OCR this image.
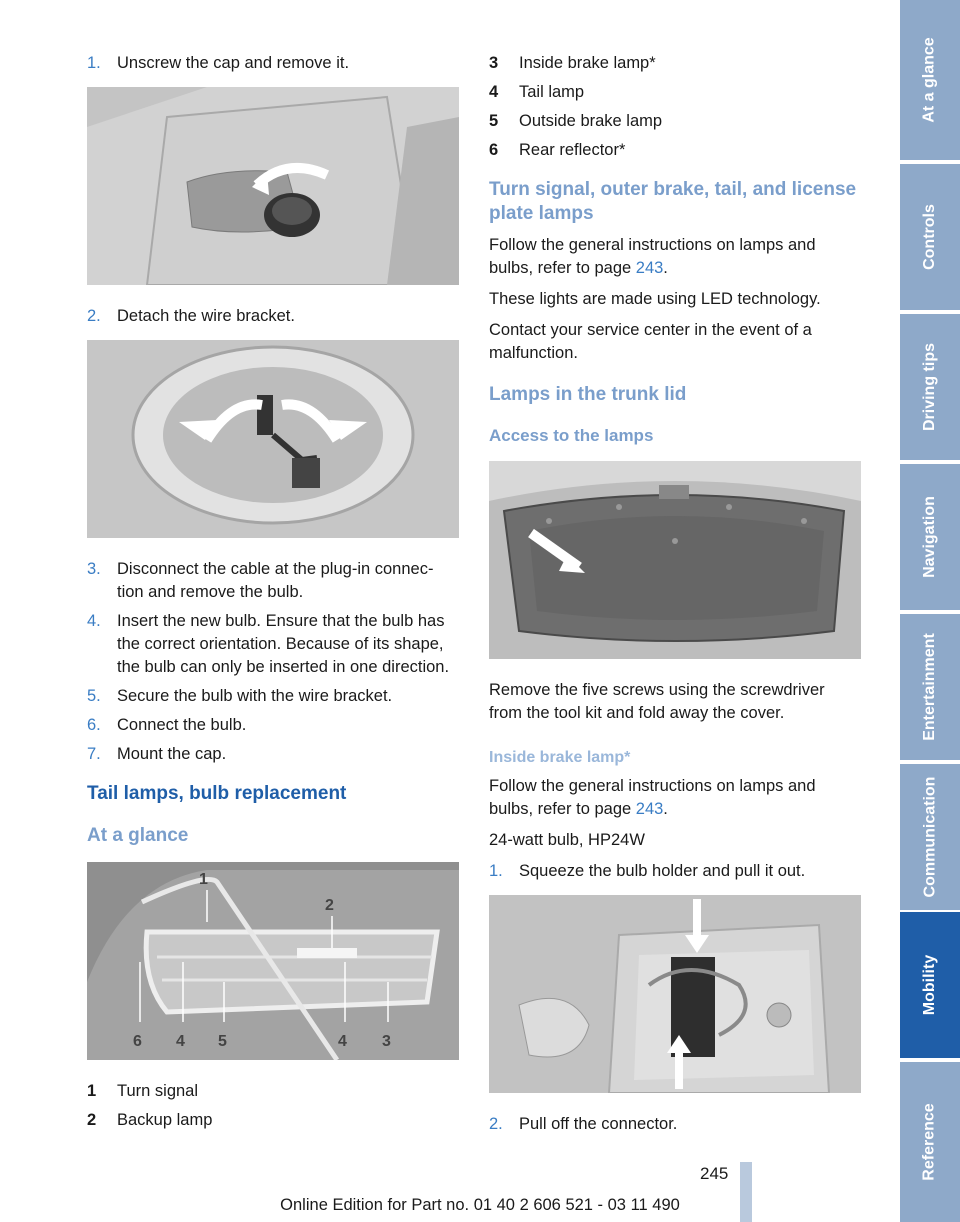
1. Unscrew the cap and remove it.
2. Detach the wire bracket.
3. Disconnect the cable at the plug-in connec‐ tion and remove the bulb.
4. Insert the new bulb. Ensure that the bulb has the correct orientation. Because of its shape, the bulb can only be inserted in one direction.
5. Secure the bulb with the wire bracket.
6. Connect the bulb.
7. Mount the cap.
Tail lamps, bulb replacement
At a glance
1
2
6 4 5	4 3
1	Turn signal
2	Backup lamp
3	Inside brake lamp*
4	Tail lamp
5	Outside brake lamp
6	Rear reflector*
Turn signal, outer brake, tail, and license plate lamps
Follow the general instructions on lamps and bulbs, refer to page 243.
These lights are made using LED technology.
Contact your service center in the event of a malfunction.
Lamps in the trunk lid
Access to the lamps
Remove the five screws using the screwdriver from the tool kit and fold away the cover.
Inside brake lamp*
Follow the general instructions on lamps and bulbs, refer to page 243.
24-watt bulb, HP24W
1. Squeeze the bulb holder and pull it out.
2. Pull off the connector.
At a glance
Controls
Driving tips
Navigation
Entertainment
Communication
Mobility
Reference
245
Online Edition for Part no. 01 40 2 606 521 - 03 11 490
